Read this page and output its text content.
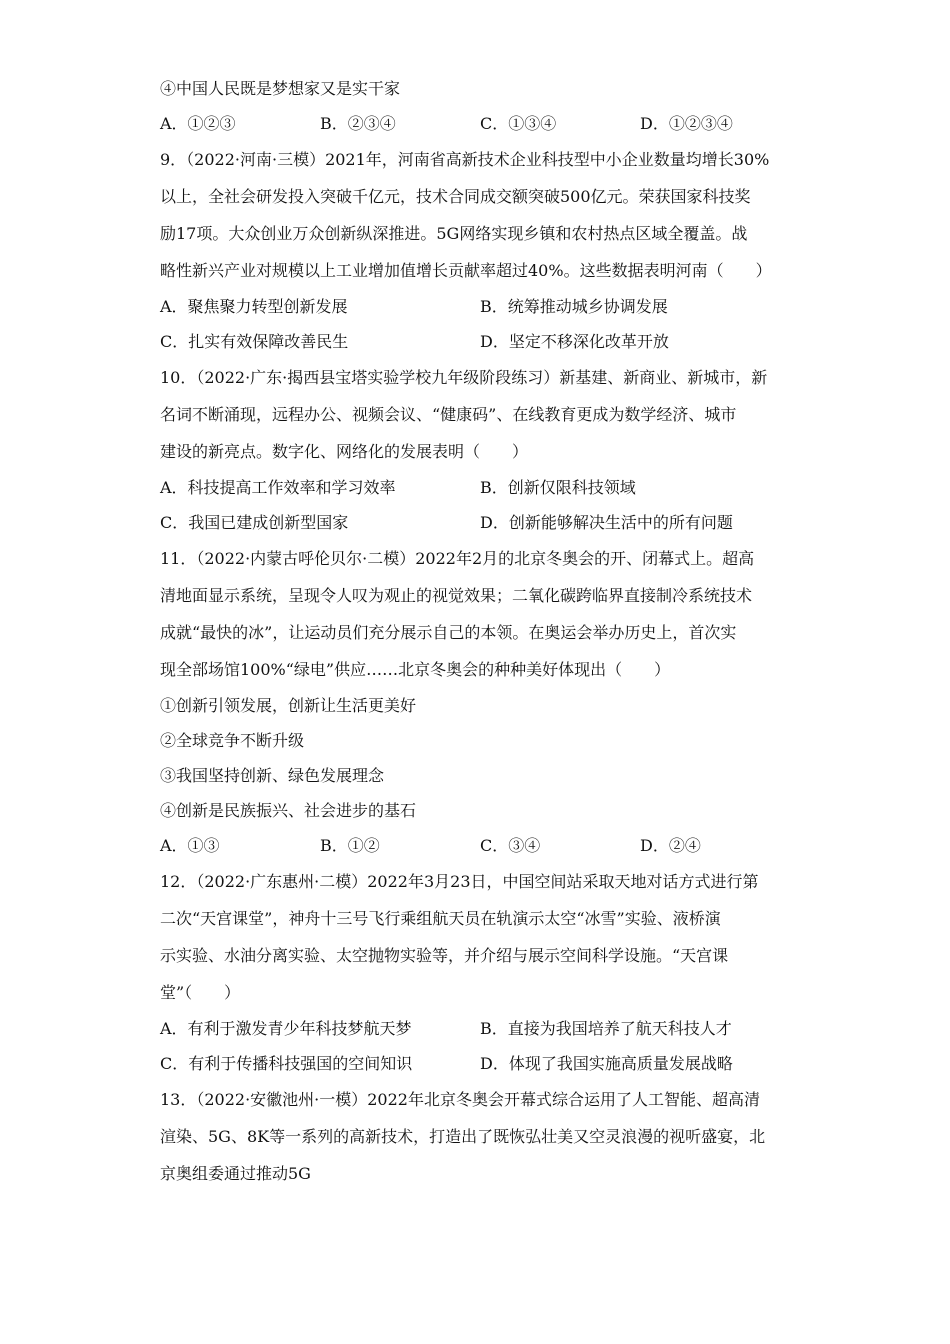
④中国人民既是梦想家又是实干家
A．①②③	B．②③④	C．①③④	D．①②③④
9．（2022·河南·三模）2021年，河南省高新技术企业科技型中小企业数量均增长30%
以上，全社会研发投入突破千亿元，技术合同成交额突破500亿元。荣获国家科技奖
励17项。大众创业万众创新纵深推进。5G网络实现乡镇和农村热点区域全覆盖。战
略性新兴产业对规模以上工业增加值增长贡献率超过40%。这些数据表明河南（　　）
A．聚焦聚力转型创新发展	B．统筹推动城乡协调发展
C．扎实有效保障改善民生	D．坚定不移深化改革开放
10．（2022·广东·揭西县宝塔实验学校九年级阶段练习）新基建、新商业、新城市，新
名词不断涌现，远程办公、视频会议、“健康码”、在线教育更成为数学经济、城市
建设的新亮点。数字化、网络化的发展表明（　　）
A．科技提高工作效率和学习效率	B．创新仅限科技领域
C．我国已建成创新型国家	D．创新能够解决生活中的所有问题
11．（2022·内蒙古呼伦贝尔·二模）2022年2月的北京冬奥会的开、闭幕式上。超高
清地面显示系统，呈现令人叹为观止的视觉效果；二氧化碳跨临界直接制冷系统技术
成就“最快的冰”，让运动员们充分展示自己的本领。在奥运会举办历史上，首次实
现全部场馆100%“绿电”供应……北京冬奥会的种种美好体现出（　　）
①创新引领发展，创新让生活更美好
②全球竞争不断升级
③我国坚持创新、绿色发展理念
④创新是民族振兴、社会进步的基石
A．①③	B．①②	C．③④	D．②④
12．（2022·广东惠州·二模）2022年3月23日，中国空间站采取天地对话方式进行第
二次“天宫课堂”，神舟十三号飞行乘组航天员在轨演示太空“冰雪”实验、液桥演
示实验、水油分离实验、太空抛物实验等，并介绍与展示空间科学设施。“天宫课
堂”（　　）
A．有利于激发青少年科技梦航天梦	B．直接为我国培养了航天科技人才
C．有利于传播科技强国的空间知识	D．体现了我国实施高质量发展战略
13．（2022·安徽池州·一模）2022年北京冬奥会开幕式综合运用了人工智能、超高清
渲染、5G、8K等一系列的高新技术，打造出了既恢弘壮美又空灵浪漫的视听盛宴，北
京奥组委通过推动5G
